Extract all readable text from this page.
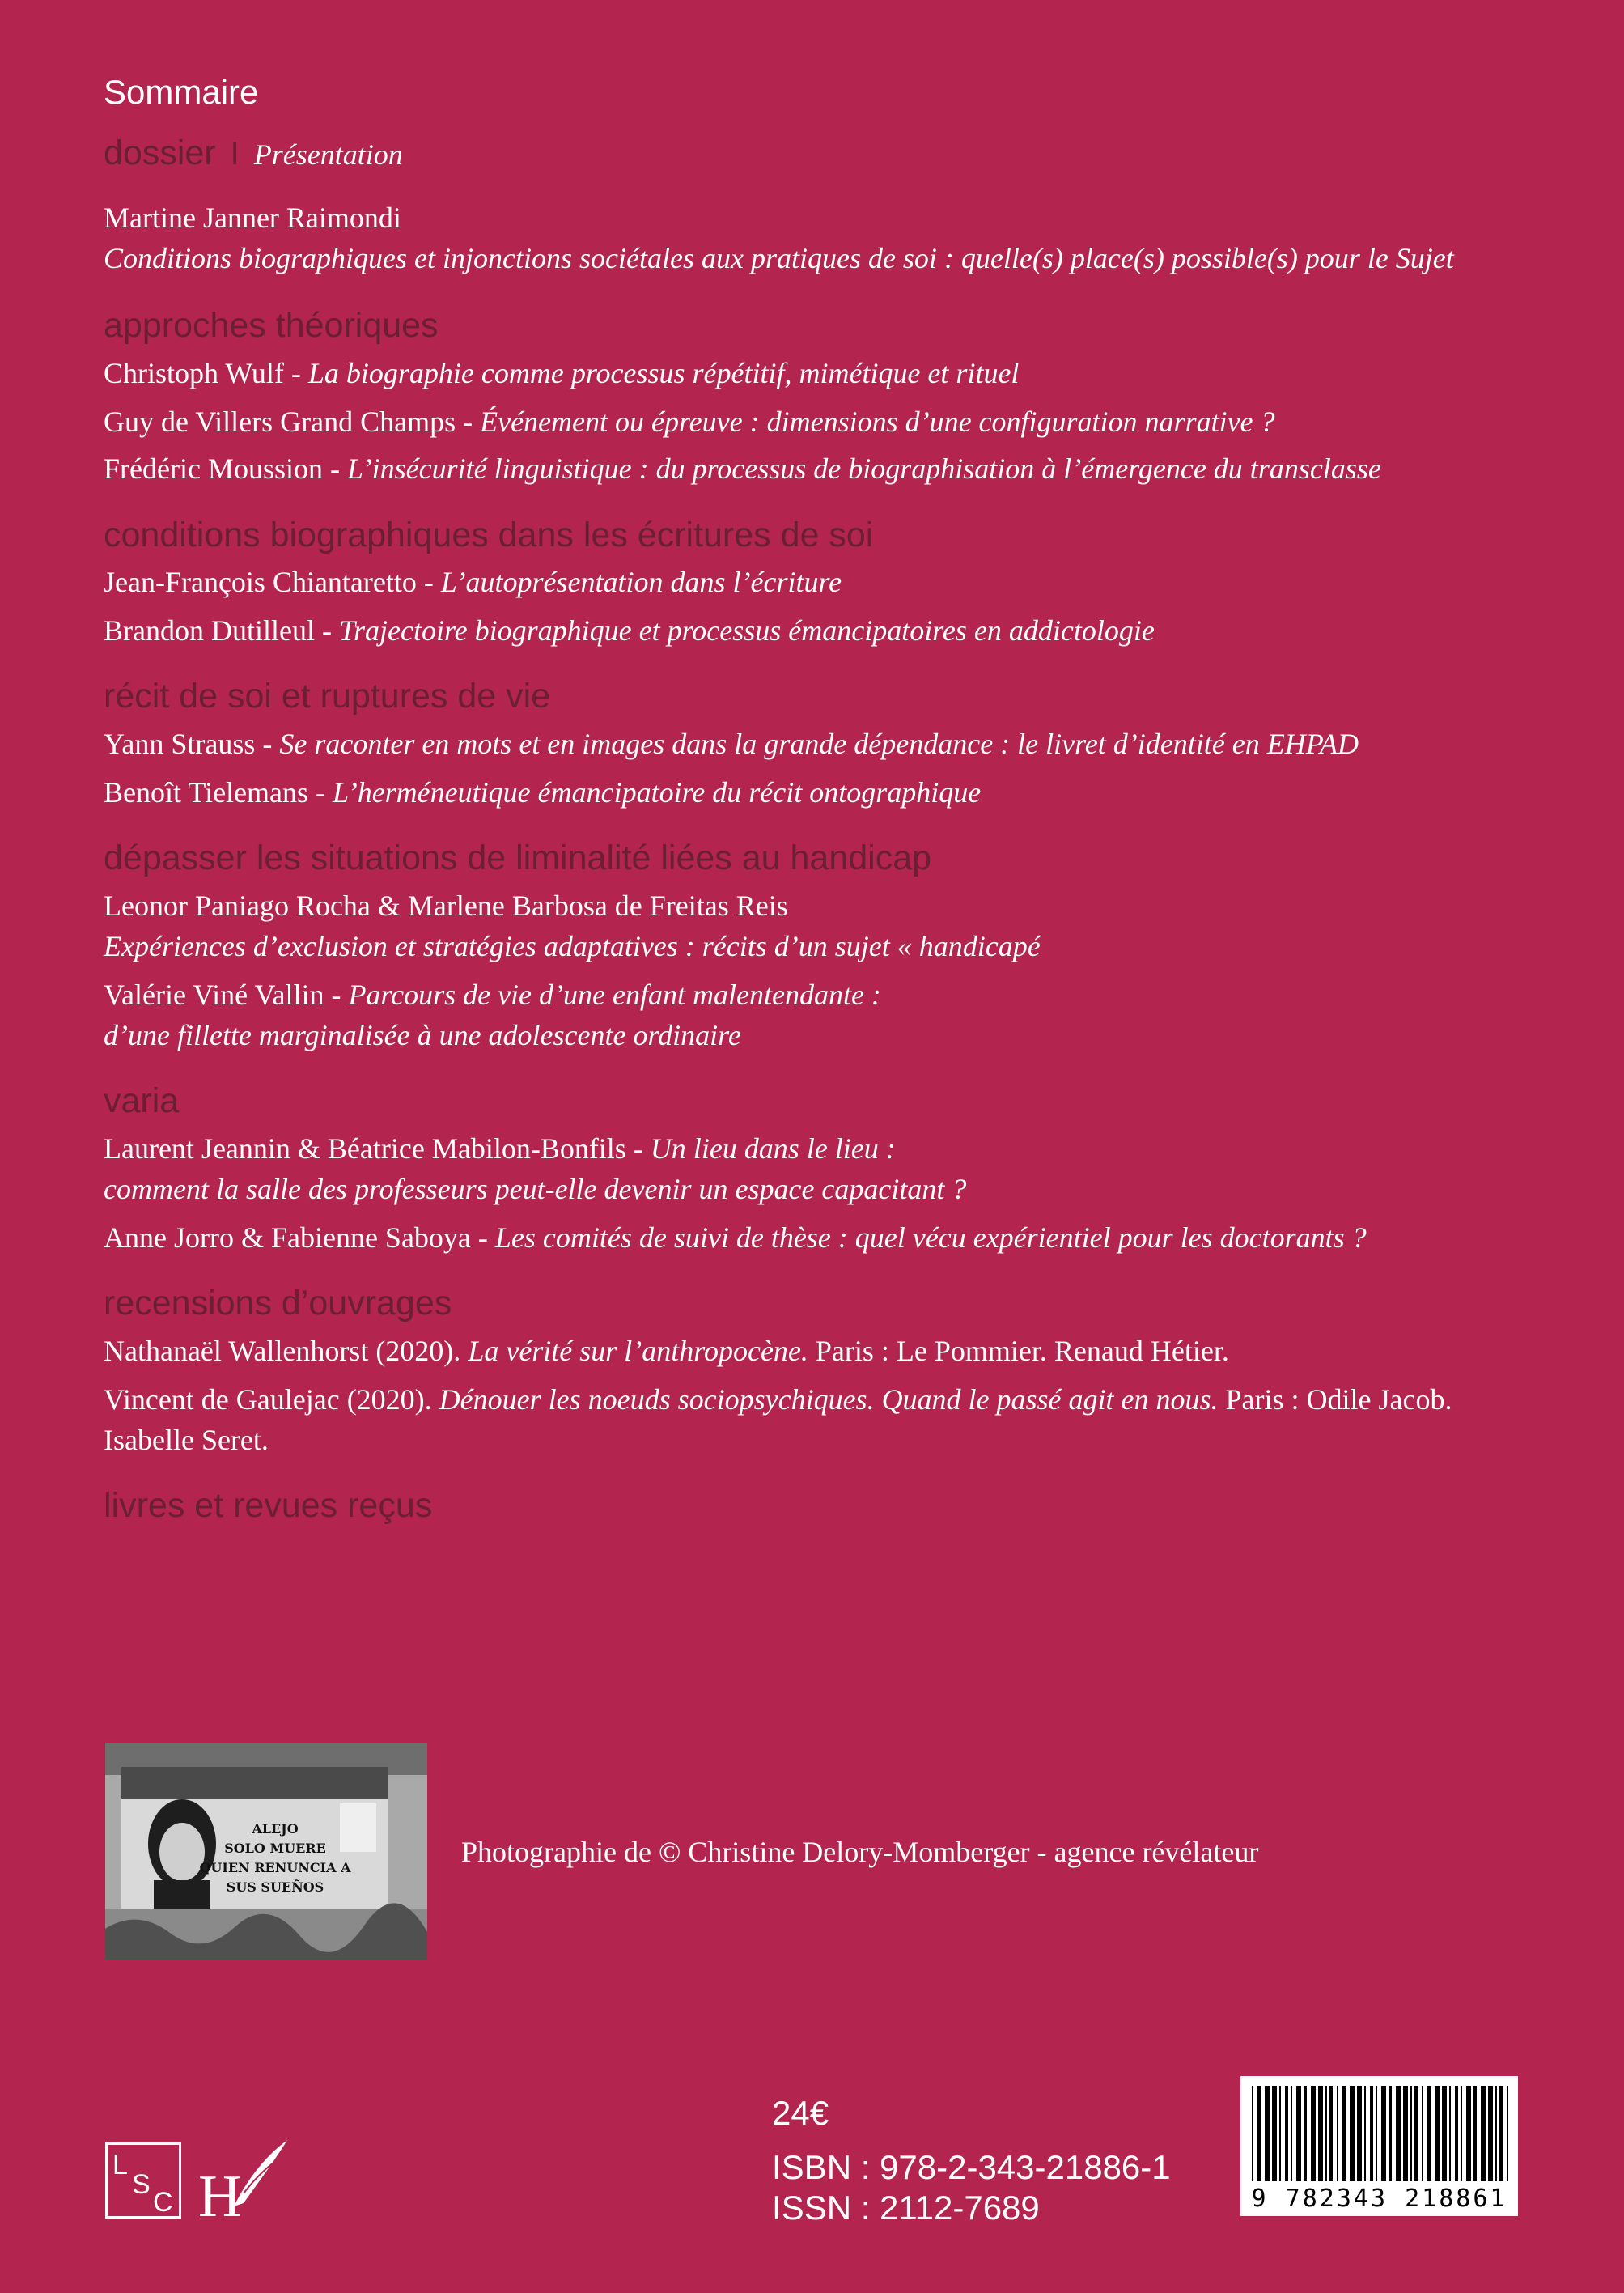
Sommaire
dossier I Présentation
Martine Janner Raimondi
Conditions biographiques et injonctions sociétales aux pratiques de soi : quelle(s) place(s) possible(s) pour le Sujet
approches théoriques
Christoph Wulf - La biographie comme processus répétitif, mimétique et rituel
Guy de Villers Grand Champs - Événement ou épreuve : dimensions d’une configuration narrative ?
Frédéric Moussion - L’insécurité linguistique : du processus de biographisation à l’émergence du transclasse
conditions biographiques dans les écritures de soi
Jean-François Chiantaretto - L’autoprésentation dans l’écriture
Brandon Dutilleul - Trajectoire biographique et processus émancipatoires en addictologie
récit de soi et ruptures de vie
Yann Strauss - Se raconter en mots et en images dans la grande dépendance : le livret d’identité en EHPAD
Benoît Tielemans - L’herméneutique émancipatoire du récit ontographique
dépasser les situations de liminalité liées au handicap
Leonor Paniago Rocha & Marlene Barbosa de Freitas Reis
Expériences d’exclusion et stratégies adaptatives : récits d’un sujet « handicapé
Valérie Viné Vallin - Parcours de vie d’une enfant malentendante :
d’une fillette marginalisée à une adolescente ordinaire
varia
Laurent Jeannin & Béatrice Mabilon-Bonfils - Un lieu dans le lieu :
comment la salle des professeurs peut-elle devenir un espace capacitant ?
Anne Jorro & Fabienne Saboya - Les comités de suivi de thèse : quel vécu expérientiel pour les doctorants ?
recensions d’ouvrages
Nathanaël Wallenhorst (2020). La vérité sur l’anthropocène. Paris : Le Pommier. Renaud Hétier.
Vincent de Gaulejac (2020). Dénouer les noeuds sociopsychiques. Quand le passé agit en nous. Paris : Odile Jacob.
Isabelle Seret.
livres et revues reçus
ALEJO
SOLO MUERE
QUIEN RENUNCIA A
SUS SUEÑOS
Photographie de © Christine Delory-Momberger - agence révélateur
L
S
C H
24€
ISBN : 978-2-343-21886-1
ISSN : 2112-7689	9 782343 218861
